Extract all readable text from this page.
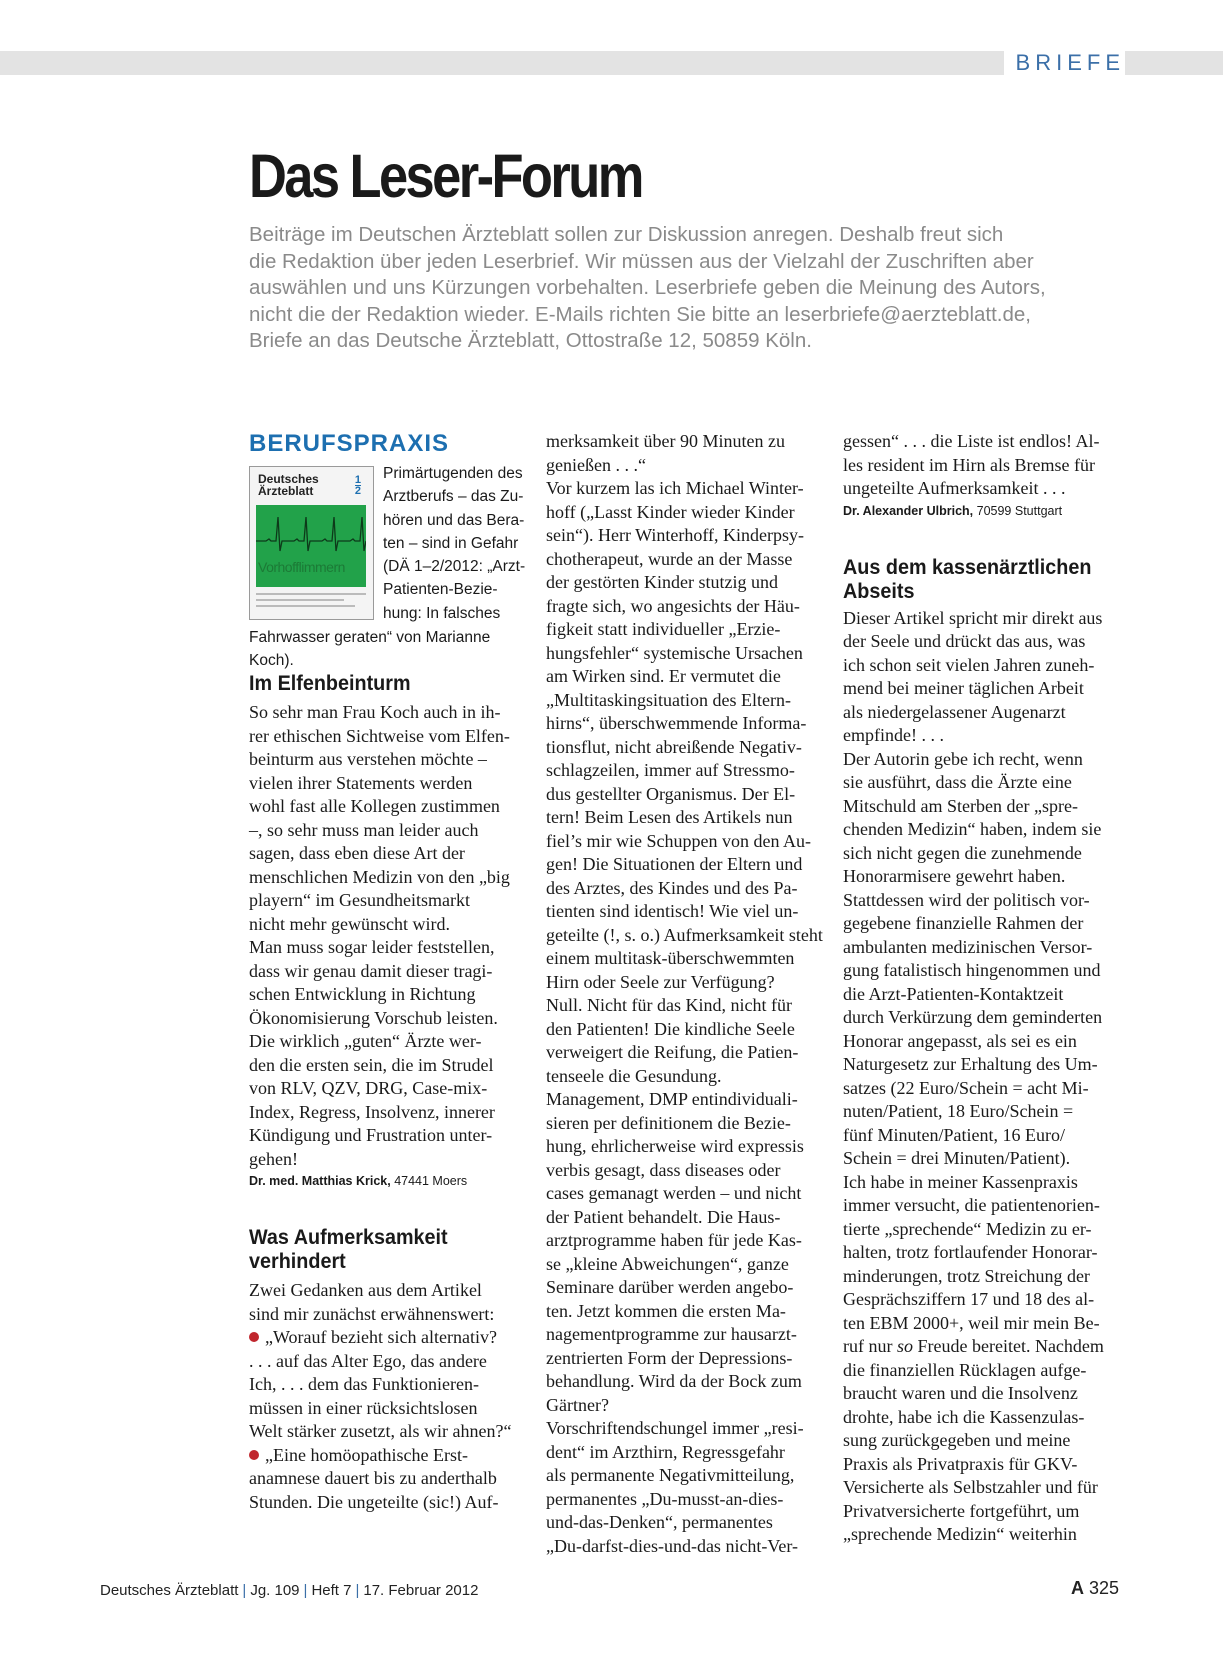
BRIEFE
Das Leser-Forum
Beiträge im Deutschen Ärzteblatt sollen zur Diskussion anregen. Deshalb freut sich
die Redaktion über jeden Leserbrief. Wir müssen aus der Vielzahl der Zuschriften aber
auswählen und uns Kürzungen vorbehalten. Leserbriefe geben die Meinung des Autors,
nicht die der Redaktion wieder. E-Mails richten Sie bitte an leserbriefe@aerzteblatt.de,
Briefe an das Deutsche Ärzteblatt, Ottostraße 12, 50859 Köln.
BERUFSPRAXIS
Deutsches
Ärzteblatt
1
2
Vorhofflimmern
Primärtugenden des
Arztberufs – das Zu-
hören und das Bera-
ten – sind in Gefahr
(DÄ 1–2/2012: „Arzt-
Patienten-Bezie-
hung: In falsches
Fahrwasser geraten“ von Marianne
Koch).
Im Elfenbeinturm
So sehr man Frau Koch auch in ih-
rer ethischen Sichtweise vom Elfen-
beinturm aus verstehen möchte –
vielen ihrer Statements werden
wohl fast alle Kollegen zustimmen
–, so sehr muss man leider auch
sagen, dass eben diese Art der
menschlichen Medizin von den „big
playern“ im Gesundheitsmarkt
nicht mehr gewünscht wird.
Man muss sogar leider feststellen,
dass wir genau damit dieser tragi-
schen Entwicklung in Richtung
Ökonomisierung Vorschub leisten.
Die wirklich „guten“ Ärzte wer-
den die ersten sein, die im Strudel
von RLV, QZV, DRG, Case-mix-
Index, Regress, Insolvenz, innerer
Kündigung und Frustration unter-
gehen!
Dr. med. Matthias Krick, 47441 Moers
Was Aufmerksamkeit
verhindert
Zwei Gedanken aus dem Artikel
sind mir zunächst erwähnenswert:
„Worauf bezieht sich alternativ?
. . . auf das Alter Ego, das andere
Ich, . . . dem das Funktionieren-
müssen in einer rücksichtslosen
Welt stärker zusetzt, als wir ahnen?“
„Eine homöopathische Erst-
anamnese dauert bis zu anderthalb
Stunden. Die ungeteilte (sic!) Auf-
merksamkeit über 90 Minuten zu
genießen . . .“
Vor kurzem las ich Michael Winter-
hoff („Lasst Kinder wieder Kinder
sein“). Herr Winterhoff, Kinderpsy-
chotherapeut, wurde an der Masse
der gestörten Kinder stutzig und
fragte sich, wo angesichts der Häu-
figkeit statt individueller „Erzie-
hungsfehler“ systemische Ursachen
am Wirken sind. Er vermutet die
„Multitaskingsituation des Eltern-
hirns“, überschwemmende Informa-
tionsflut, nicht abreißende Negativ-
schlagzeilen, immer auf Stressmo-
dus gestellter Organismus. Der El-
tern! Beim Lesen des Artikels nun
fiel’s mir wie Schuppen von den Au-
gen! Die Situationen der Eltern und
des Arztes, des Kindes und des Pa-
tienten sind identisch! Wie viel un-
geteilte (!, s. o.) Aufmerksamkeit steht
einem multitask-überschwemmten
Hirn oder Seele zur Verfügung?
Null. Nicht für das Kind, nicht für
den Patienten! Die kindliche Seele
verweigert die Reifung, die Patien-
tenseele die Gesundung.
Management, DMP entindividuali-
sieren per definitionem die Bezie-
hung, ehrlicherweise wird expressis
verbis gesagt, dass diseases oder
cases gemanagt werden – und nicht
der Patient behandelt. Die Haus-
arztprogramme haben für jede Kas-
se „kleine Abweichungen“, ganze
Seminare darüber werden angebo-
ten. Jetzt kommen die ersten Ma-
nagementprogramme zur hausarzt-
zentrierten Form der Depressions-
behandlung. Wird da der Bock zum
Gärtner?
Vorschriftendschungel immer „resi-
dent“ im Arzthirn, Regressgefahr
als permanente Negativmitteilung,
permanentes „Du-musst-an-dies-
und-das-Denken“, permanentes
„Du-darfst-dies-und-das nicht-Ver-
gessen“ . . . die Liste ist endlos! Al-
les resident im Hirn als Bremse für
ungeteilte Aufmerksamkeit . . .
Dr. Alexander Ulbrich, 70599 Stuttgart
Aus dem kassenärztlichen
Abseits
Dieser Artikel spricht mir direkt aus
der Seele und drückt das aus, was
ich schon seit vielen Jahren zuneh-
mend bei meiner täglichen Arbeit
als niedergelassener Augenarzt
empfinde! . . .
Der Autorin gebe ich recht, wenn
sie ausführt, dass die Ärzte eine
Mitschuld am Sterben der „spre-
chenden Medizin“ haben, indem sie
sich nicht gegen die zunehmende
Honorarmisere gewehrt haben.
Stattdessen wird der politisch vor-
gegebene finanzielle Rahmen der
ambulanten medizinischen Versor-
gung fatalistisch hingenommen und
die Arzt-Patienten-Kontaktzeit
durch Verkürzung dem geminderten
Honorar angepasst, als sei es ein
Naturgesetz zur Erhaltung des Um-
satzes (22 Euro/Schein = acht Mi-
nuten/Patient, 18 Euro/Schein =
fünf Minuten/Patient, 16 Euro/
Schein = drei Minuten/Patient).
Ich habe in meiner Kassenpraxis
immer versucht, die patientenorien-
tierte „sprechende“ Medizin zu er-
halten, trotz fortlaufender Honorar-
minderungen, trotz Streichung der
Gesprächsziffern 17 und 18 des al-
ten EBM 2000+, weil mir mein Be-
ruf nur so Freude bereitet. Nachdem
die finanziellen Rücklagen aufge-
braucht waren und die Insolvenz
drohte, habe ich die Kassenzulas-
sung zurückgegeben und meine
Praxis als Privatpraxis für GKV-
Versicherte als Selbstzahler und für
Privatversicherte fortgeführt, um
„sprechende Medizin“ weiterhin
Deutsches Ärzteblatt | Jg. 109 | Heft 7 | 17. Februar 2012	A 325
